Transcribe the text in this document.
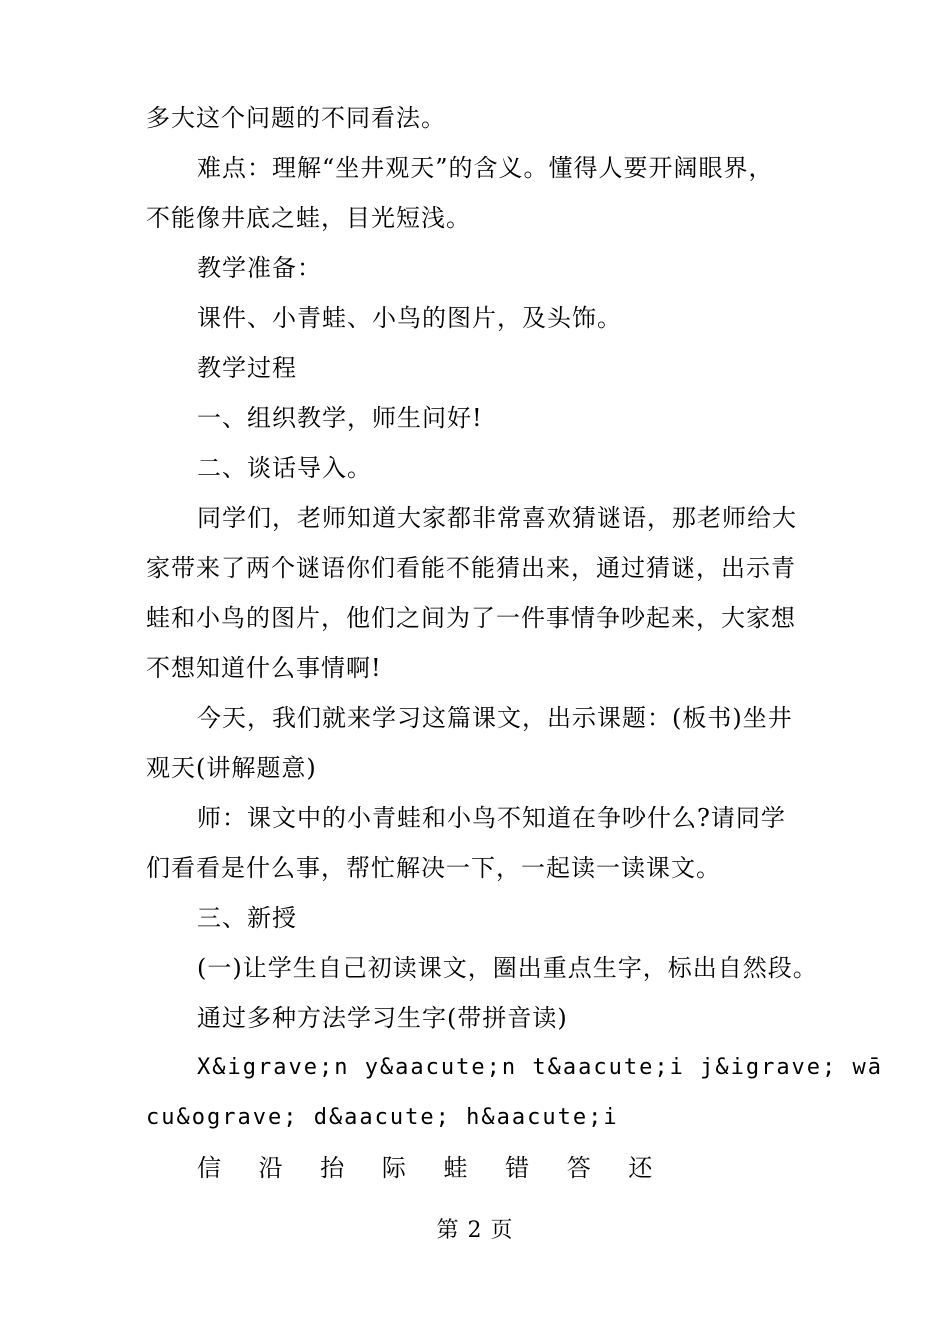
多大这个问题的不同看法。
难点：理解“坐井观天”的含义。懂得人要开阔眼界，
不能像井底之蛙，目光短浅。
教学准备：
课件、小青蛙、小鸟的图片，及头饰。
教学过程
一、组织教学，师生问好!
二、谈话导入。
同学们，老师知道大家都非常喜欢猜谜语，那老师给大
家带来了两个谜语你们看能不能猜出来，通过猜谜，出示青
蛙和小鸟的图片，他们之间为了一件事情争吵起来，大家想
不想知道什么事情啊!
今天，我们就来学习这篇课文，出示课题：(板书)坐井
观天(讲解题意)
师：课文中的小青蛙和小鸟不知道在争吵什么?请同学
们看看是什么事，帮忙解决一下，一起读一读课文。
三、新授
(一)让学生自己初读课文，圈出重点生字，标出自然段。
通过多种方法学习生字(带拼音读)
X&igrave;n y&aacute;n t&aacute;i j&igrave; wā
cu&ograve; d&aacute; h&aacute;i
信 沿 抬 际 蛙 错 答 还
第 2 页
